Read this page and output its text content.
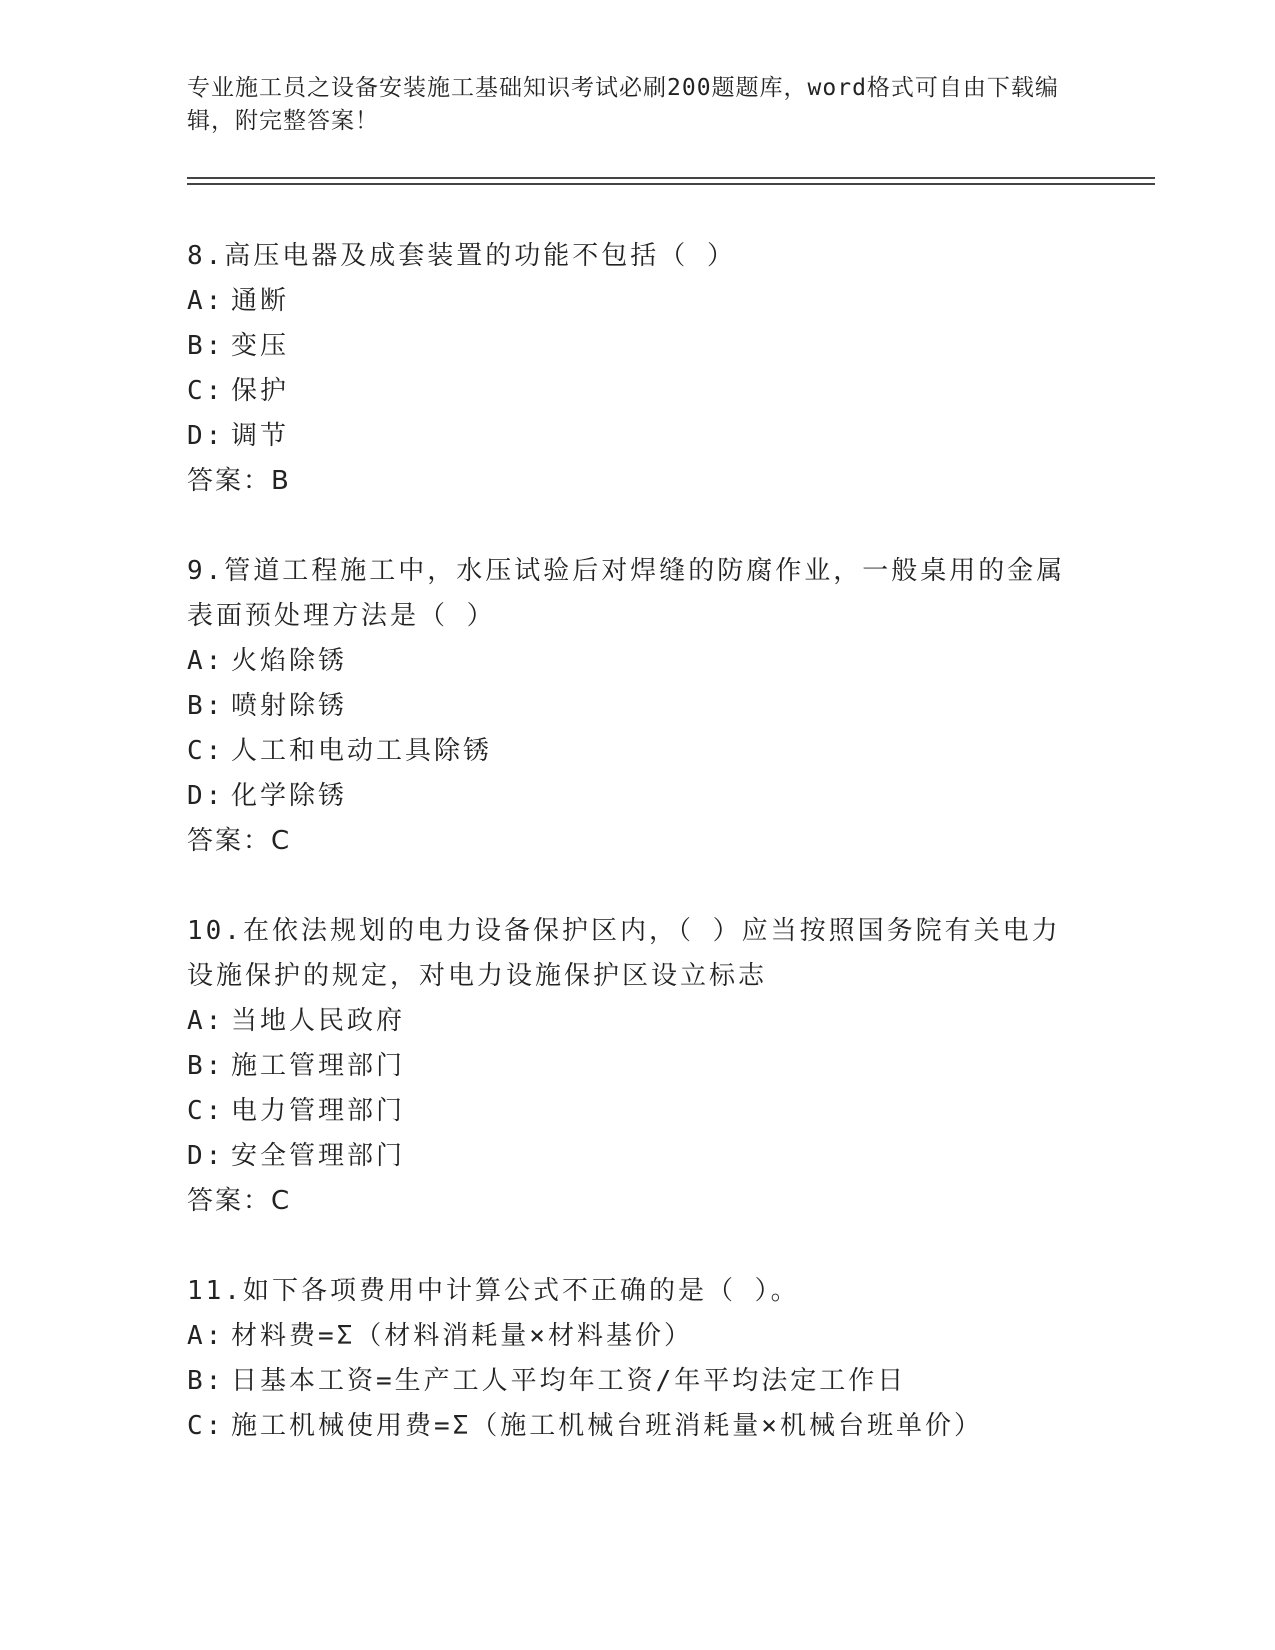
专业施工员之设备安装施工基础知识考试必刷200题题库，word格式可自由下载编辑，附完整答案！
8.高压电器及成套装置的功能不包括（ ）
A: 通断
B: 变压
C: 保护
D: 调节
答案：B
9.管道工程施工中，水压试验后对焊缝的防腐作业，一般桌用的金属表面预处理方法是（ ）
A: 火焰除锈
B: 喷射除锈
C: 人工和电动工具除锈
D: 化学除锈
答案：C
10.在依法规划的电力设备保护区内，（ ）应当按照国务院有关电力设施保护的规定，对电力设施保护区设立标志
A: 当地人民政府
B: 施工管理部门
C: 电力管理部门
D: 安全管理部门
答案：C
11.如下各项费用中计算公式不正确的是（ ）。
A: 材料费=Σ（材料消耗量×材料基价）
B: 日基本工资=生产工人平均年工资/年平均法定工作日
C: 施工机械使用费=Σ（施工机械台班消耗量×机械台班单价）
